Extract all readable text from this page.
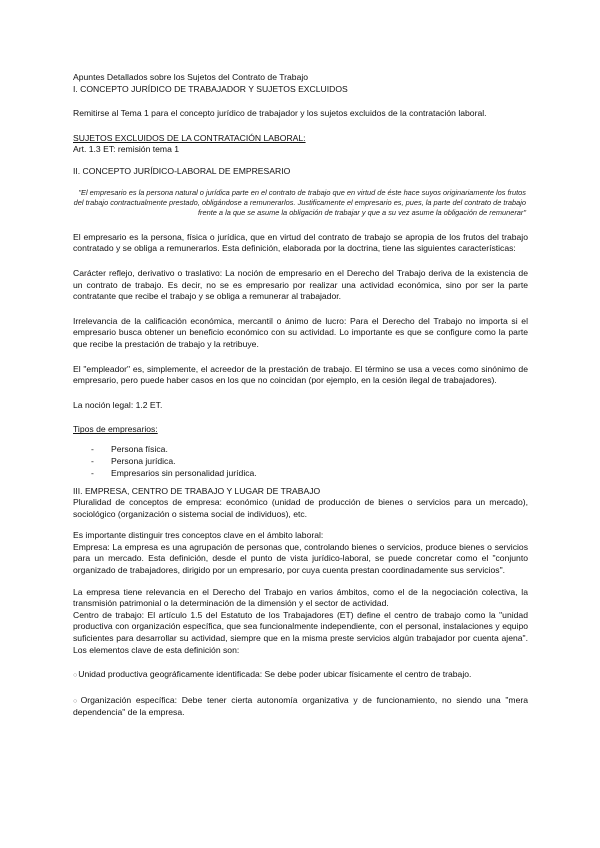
Apuntes Detallados sobre los Sujetos del Contrato de Trabajo

I. CONCEPTO JURÍDICO DE TRABAJADOR Y SUJETOS EXCLUIDOS

Remitirse al Tema 1 para el concepto jurídico de trabajador y los sujetos excluidos de la contratación laboral.

SUJETOS EXCLUIDOS DE LA CONTRATACIÓN LABORAL:

Art. 1.3 ET: remisión tema 1

II. CONCEPTO JURÍDICO-LABORAL DE EMPRESARIO

"El empresario es la persona natural o jurídica parte en el contrato de trabajo que en virtud de éste hace suyos originariamente los frutos del trabajo contractualmente prestado, obligándose a remunerarlos. Justificamente el empresario es, pues, la parte del contrato de trabajo frente a la que se asume la obligación de trabajar y que a su vez asume la obligación de remunerar"

El empresario es la persona, física o jurídica, que en virtud del contrato de trabajo se apropia de los frutos del trabajo contratado y se obliga a remunerarlos. Esta definición, elaborada por la doctrina, tiene las siguientes características:

Carácter reflejo, derivativo o traslativo: La noción de empresario en el Derecho del Trabajo deriva de la existencia de un contrato de trabajo. Es decir, no se es empresario por realizar una actividad económica, sino por ser la parte contratante que recibe el trabajo y se obliga a remunerar al trabajador.

Irrelevancia de la calificación económica, mercantil o ánimo de lucro: Para el Derecho del Trabajo no importa si el empresario busca obtener un beneficio económico con su actividad. Lo importante es que se configure como la parte que recibe la prestación de trabajo y la retribuye.

El "empleador" es, simplemente, el acreedor de la prestación de trabajo. El término se usa a veces como sinónimo de empresario, pero puede haber casos en los que no coincidan (por ejemplo, en la cesión ilegal de trabajadores).

La noción legal: 1.2 ET.

Tipos de empresarios:

- Persona física.
- Persona jurídica.
- Empresarios sin personalidad jurídica.

III. EMPRESA, CENTRO DE TRABAJO Y LUGAR DE TRABAJO

Pluralidad de conceptos de empresa: económico (unidad de producción de bienes o servicios para un mercado), sociológico (organización o sistema social de individuos), etc.

Es importante distinguir tres conceptos clave en el ámbito laboral:

Empresa: La empresa es una agrupación de personas que, controlando bienes o servicios, produce bienes o servicios para un mercado. Esta definición, desde el punto de vista jurídico-laboral, se puede concretar como el "conjunto organizado de trabajadores, dirigido por un empresario, por cuya cuenta prestan coordinadamente sus servicios".

La empresa tiene relevancia en el Derecho del Trabajo en varios ámbitos, como el de la negociación colectiva, la transmisión patrimonial o la determinación de la dimensión y el sector de actividad.

Centro de trabajo: El artículo 1.5 del Estatuto de los Trabajadores (ET) define el centro de trabajo como la "unidad productiva con organización específica, que sea funcionalmente independiente, con el personal, instalaciones y equipo suficientes para desarrollar su actividad, siempre que en la misma preste servicios algún trabajador por cuenta ajena". Los elementos clave de esta definición son:

○Unidad productiva geográficamente identificada: Se debe poder ubicar físicamente el centro de trabajo.

○Organización específica: Debe tener cierta autonomía organizativa y de funcionamiento, no siendo una "mera dependencia" de la empresa.
